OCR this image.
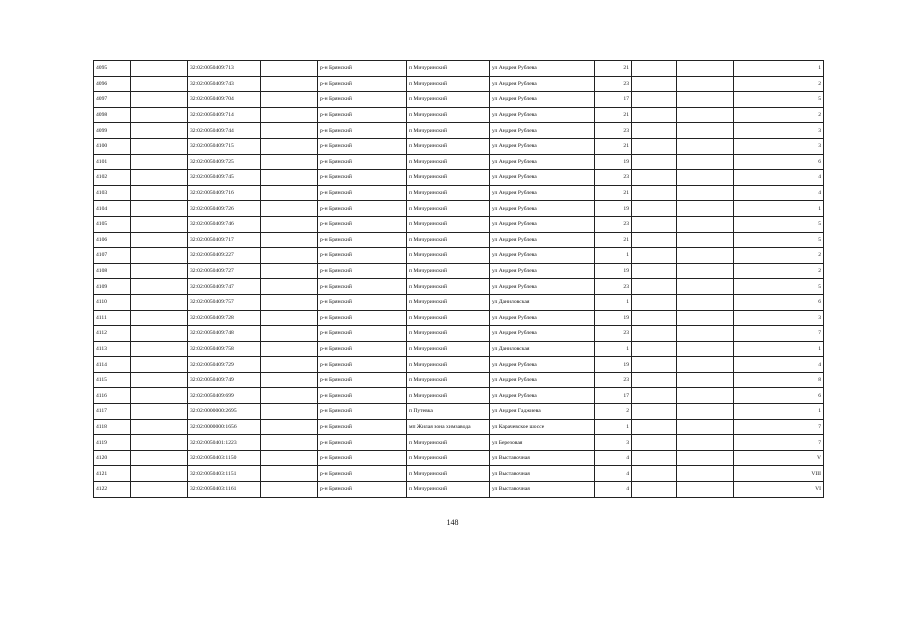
4095		32:02:0050409:713		р-н Брянский	п Мичуринский	ул Андрея Рублева	21			1
4096		32:02:0050409:743		р-н Брянский	п Мичуринский	ул Андрея Рублева	23			2
4097		32:02:0050409:704		р-н Брянский	п Мичуринский	ул Андрея Рублева	17			5
4098		32:02:0050409:714		р-н Брянский	п Мичуринский	ул Андрея Рублева	21			2
4099		32:02:0050409:744		р-н Брянский	п Мичуринский	ул Андрея Рублева	23			3
4100		32:02:0050409:715		р-н Брянский	п Мичуринский	ул Андрея Рублева	21			3
4101		32:02:0050409:725		р-н Брянский	п Мичуринский	ул Андрея Рублева	19			6
4102		32:02:0050409:745		р-н Брянский	п Мичуринский	ул Андрея Рублева	23			4
4103		32:02:0050409:716		р-н Брянский	п Мичуринский	ул Андрея Рублева	21			4
4104		32:02:0050409:726		р-н Брянский	п Мичуринский	ул Андрея Рублева	19			1
4105		32:02:0050409:746		р-н Брянский	п Мичуринский	ул Андрея Рублева	23			5
4106		32:02:0050409:717		р-н Брянский	п Мичуринский	ул Андрея Рублева	21			5
4107		32:02:0050409:227		р-н Брянский	п Мичуринский	ул Андрея Рублева	1			2
4108		32:02:0050409:727		р-н Брянский	п Мичуринский	ул Андрея Рублева	19			2
4109		32:02:0050409:747		р-н Брянский	п Мичуринский	ул Андрея Рублева	23			5
4110		32:02:0050409:757		р-н Брянский	п Мичуринский	ул Даниловская	1			6
4111		32:02:0050409:728		р-н Брянский	п Мичуринский	ул Андрея Рублева	19			3
4112		32:02:0050409:748		р-н Брянский	п Мичуринский	ул Андрея Рублева	23			7
4113		32:02:0050409:758		р-н Брянский	п Мичуринский	ул Даниловская	1			1
4114		32:02:0050409:729		р-н Брянский	п Мичуринский	ул Андрея Рублева	19			4
4115		32:02:0050409:749		р-н Брянский	п Мичуринский	ул Андрея Рублева	23			8
4116		32:02:0050409:699		р-н Брянский	п Мичуринский	ул Андрея Рублева	17			6
4117		32:02:0000000:2695		р-н Брянский	п Путевка	ул Андрея Гаджиева	2			1
4118		32:02:0000000:1656		р-н Брянский	мп Жилая зона химзавода	ул Карачевское шоссе	1			7
4119		32:02:0050401:1223		р-н Брянский	п Мичуринский	ул Березовая	3			7
4120		32:02:0050403:1150		р-н Брянский	п Мичуринский	ул Выставочная	4			V
4121		32:02:0050403:1151		р-н Брянский	п Мичуринский	ул Выставочная	4			VIII
4122		32:02:0050403:1161		р-н Брянский	п Мичуринский	ул Выставочная	4			VI
148
